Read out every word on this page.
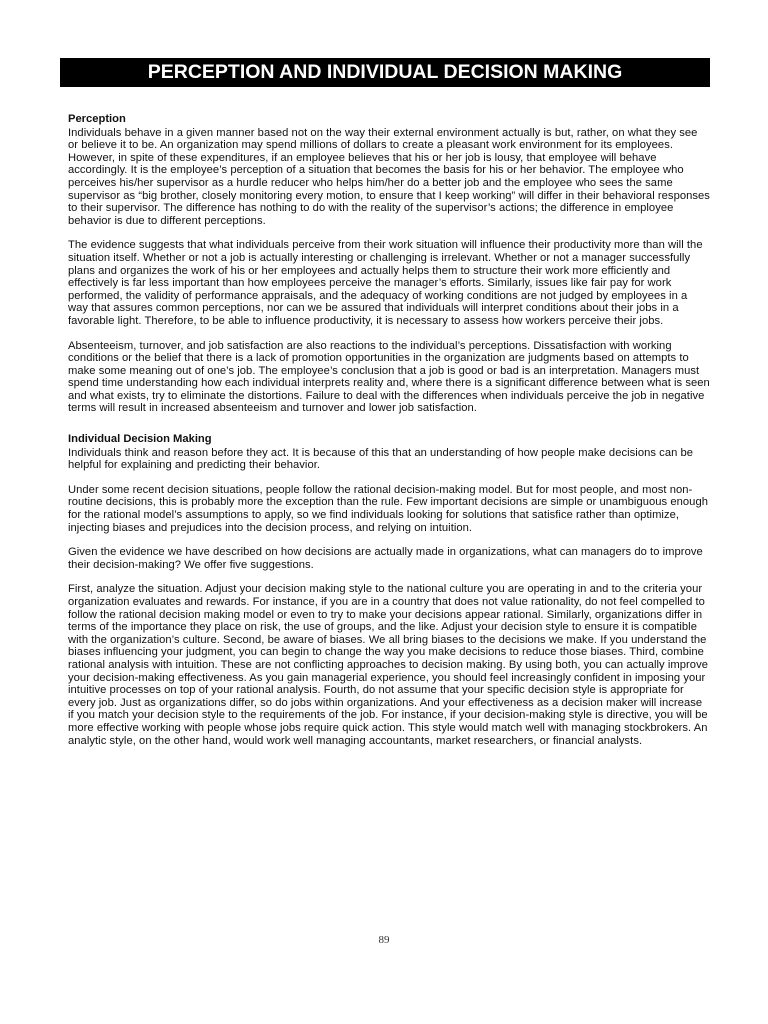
PERCEPTION AND INDIVIDUAL DECISION MAKING
Perception

Individuals behave in a given manner based not on the way their external environment actually is but, rather, on what they see or believe it to be. An organization may spend millions of dollars to create a pleasant work environment for its employees. However, in spite of these expenditures, if an employee believes that his or her job is lousy, that employee will behave accordingly. It is the employee’s perception of a situation that becomes the basis for his or her behavior. The employee who perceives his/her supervisor as a hurdle reducer who helps him/her do a better job and the employee who sees the same supervisor as “big brother, closely monitoring every motion, to ensure that I keep working” will differ in their behavioral responses to their supervisor. The difference has nothing to do with the reality of the supervisor’s actions; the difference in employee behavior is due to different perceptions.

The evidence suggests that what individuals perceive from their work situation will influence their productivity more than will the situation itself. Whether or not a job is actually interesting or challenging is irrelevant. Whether or not a manager successfully plans and organizes the work of his or her employees and actually helps them to structure their work more efficiently and effectively is far less important than how employees perceive the manager’s efforts. Similarly, issues like fair pay for work performed, the validity of performance appraisals, and the adequacy of working conditions are not judged by employees in a way that assures common perceptions, nor can we be assured that individuals will interpret conditions about their jobs in a favorable light. Therefore, to be able to influence productivity, it is necessary to assess how workers perceive their jobs.

Absenteeism, turnover, and job satisfaction are also reactions to the individual’s perceptions. Dissatisfaction with working conditions or the belief that there is a lack of promotion opportunities in the organization are judgments based on attempts to make some meaning out of one’s job. The employee’s conclusion that a job is good or bad is an interpretation. Managers must spend time understanding how each individual interprets reality and, where there is a significant difference between what is seen and what exists, try to eliminate the distortions. Failure to deal with the differences when individuals perceive the job in negative terms will result in increased absenteeism and turnover and lower job satisfaction.

Individual Decision Making

Individuals think and reason before they act. It is because of this that an understanding of how people make decisions can be helpful for explaining and predicting their behavior.

Under some recent decision situations, people follow the rational decision-making model. But for most people, and most non-routine decisions, this is probably more the exception than the rule. Few important decisions are simple or unambiguous enough for the rational model’s assumptions to apply, so we find individuals looking for solutions that satisfice rather than optimize, injecting biases and prejudices into the decision process, and relying on intuition.

Given the evidence we have described on how decisions are actually made in organizations, what can managers do to improve their decision-making? We offer five suggestions.

First, analyze the situation. Adjust your decision making style to the national culture you are operating in and to the criteria your organization evaluates and rewards. For instance, if you are in a country that does not value rationality, do not feel compelled to follow the rational decision making model or even to try to make your decisions appear rational. Similarly, organizations differ in terms of the importance they place on risk, the use of groups, and the like. Adjust your decision style to ensure it is compatible with the organization’s culture. Second, be aware of biases. We all bring biases to the decisions we make. If you understand the biases influencing your judgment, you can begin to change the way you make decisions to reduce those biases. Third, combine rational analysis with intuition. These are not conflicting approaches to decision making. By using both, you can actually improve your decision-making effectiveness. As you gain managerial experience, you should feel increasingly confident in imposing your intuitive processes on top of your rational analysis. Fourth, do not assume that your specific decision style is appropriate for every job. Just as organizations differ, so do jobs within organizations. And your effectiveness as a decision maker will increase if you match your decision style to the requirements of the job. For instance, if your decision-making style is directive, you will be more effective working with people whose jobs require quick action. This style would match well with managing stockbrokers. An analytic style, on the other hand, would work well managing accountants, market researchers, or financial analysts.

89
